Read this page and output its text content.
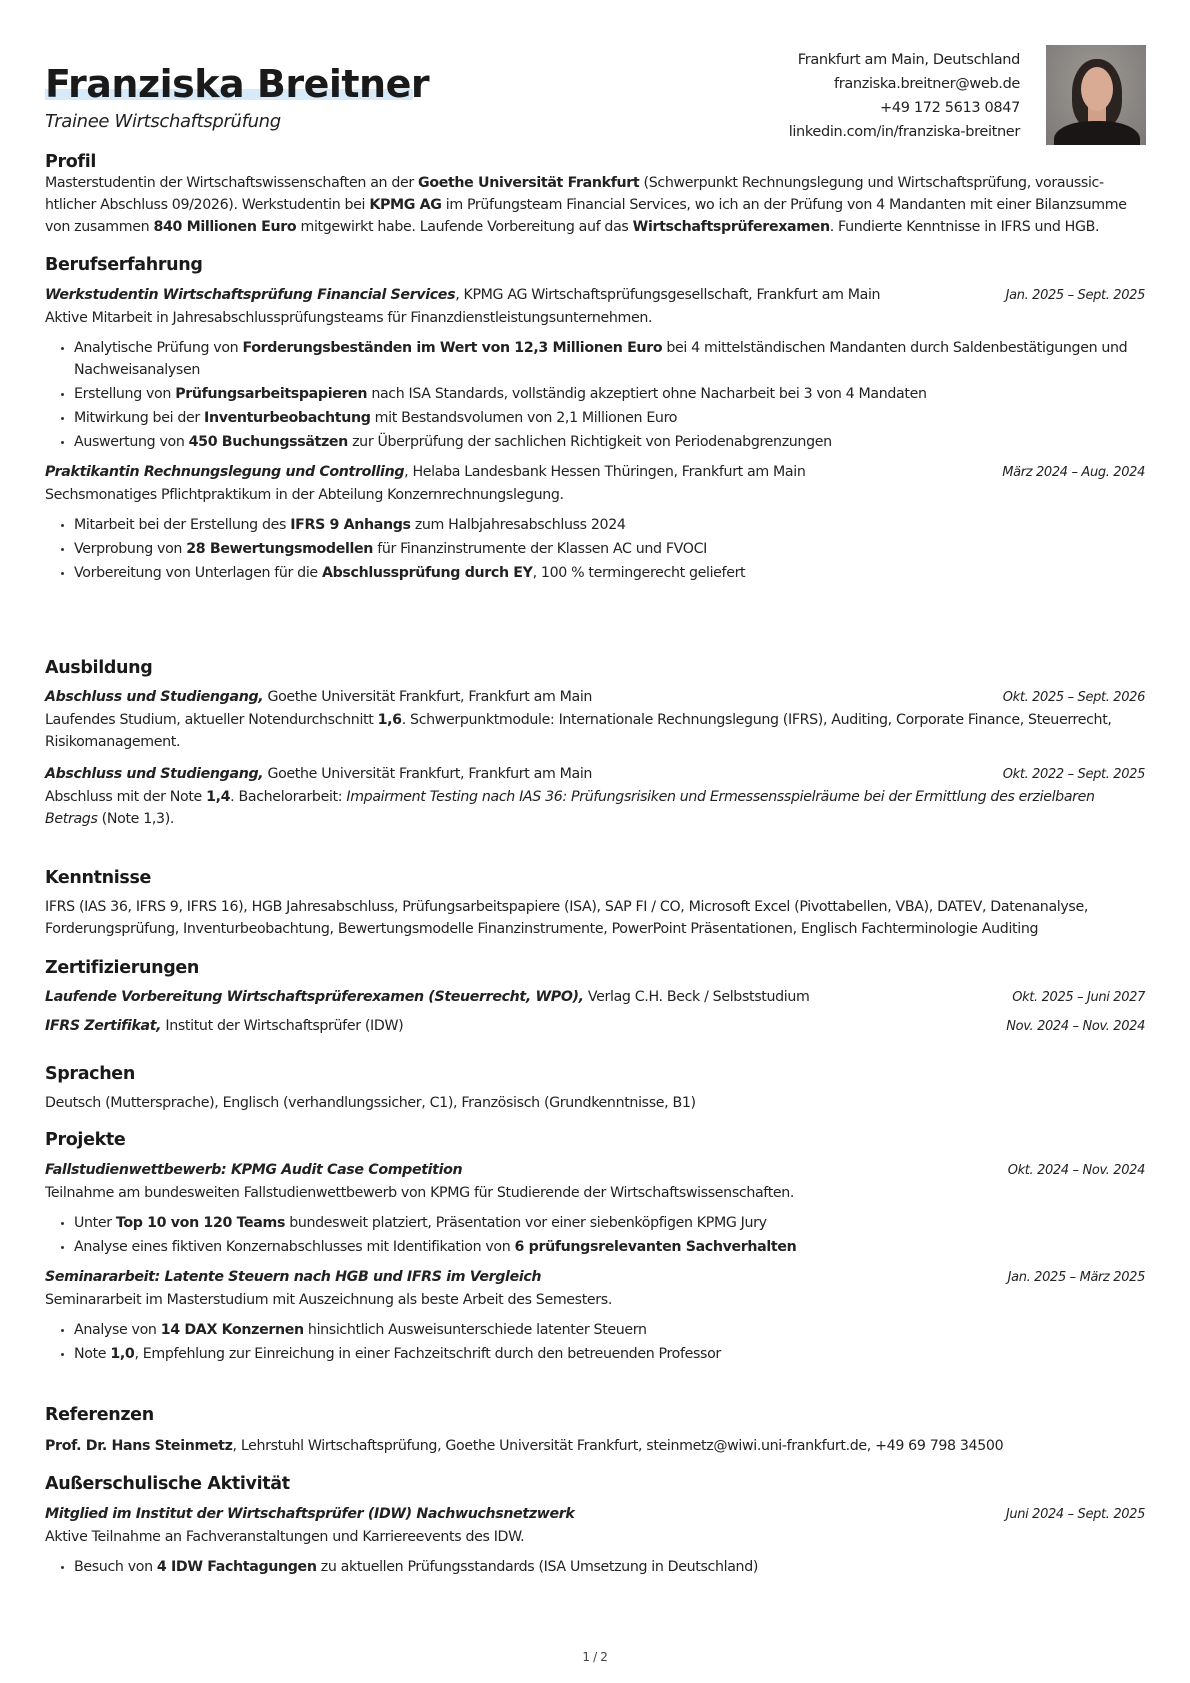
Franziska Breitner
Trainee Wirtschaftsprüfung
Frankfurt am Main, Deutschland
franziska.breitner@web.de
+49 172 5613 0847
linkedin.com/in/franziska-breitner
Profil
Masterstudentin der Wirtschaftswissenschaften an der Goethe Universität Frankfurt (Schwerpunkt Rechnungslegung und Wirtschaftsprüfung, voraussichtlicher Abschluss 09/2026). Werkstudentin bei KPMG AG im Prüfungsteam Financial Services, wo ich an der Prüfung von 4 Mandanten mit einer Bilanzsumme von zusammen 840 Millionen Euro mitgewirkt habe. Laufende Vorbereitung auf das Wirtschaftsprüferexamen. Fundierte Kenntnisse in IFRS und HGB.
Berufserfahrung
Werkstudentin Wirtschaftsprüfung Financial Services, KPMG AG Wirtschaftsprüfungsgesellschaft, Frankfurt am Main	Jan. 2025 – Sept. 2025
Aktive Mitarbeit in Jahresabschlussprüfungsteams für Finanzdienstleistungsunternehmen.
Analytische Prüfung von Forderungsbeständen im Wert von 12,3 Millionen Euro bei 4 mittelständischen Mandanten durch Saldenbestätigungen und Nachweisanalysen
Erstellung von Prüfungsarbeitspapieren nach ISA Standards, vollständig akzeptiert ohne Nacharbeit bei 3 von 4 Mandaten
Mitwirkung bei der Inventurbeobachtung mit Bestandsvolumen von 2,1 Millionen Euro
Auswertung von 450 Buchungssätzen zur Überprüfung der sachlichen Richtigkeit von Periodenabgrenzungen
Praktikantin Rechnungslegung und Controlling, Helaba Landesbank Hessen Thüringen, Frankfurt am Main	März 2024 – Aug. 2024
Sechsmonatiges Pflichtpraktikum in der Abteilung Konzernrechnungslegung.
Mitarbeit bei der Erstellung des IFRS 9 Anhangs zum Halbjahresabschluss 2024
Verprobung von 28 Bewertungsmodellen für Finanzinstrumente der Klassen AC und FVOCI
Vorbereitung von Unterlagen für die Abschlussprüfung durch EY, 100 % termingerecht geliefert
Ausbildung
Abschluss und Studiengang, Goethe Universität Frankfurt, Frankfurt am Main	Okt. 2025 – Sept. 2026
Laufendes Studium, aktueller Notendurchschnitt 1,6. Schwerpunktmodule: Internationale Rechnungslegung (IFRS), Auditing, Corporate Finance, Steuerrecht, Risikomanagement.
Abschluss und Studiengang, Goethe Universität Frankfurt, Frankfurt am Main	Okt. 2022 – Sept. 2025
Abschluss mit der Note 1,4. Bachelorarbeit: Impairment Testing nach IAS 36: Prüfungsrisiken und Ermessensspielräume bei der Ermittlung des erzielbaren Betrags (Note 1,3).
Kenntnisse
IFRS (IAS 36, IFRS 9, IFRS 16), HGB Jahresabschluss, Prüfungsarbeitspapiere (ISA), SAP FI / CO, Microsoft Excel (Pivottabellen, VBA), DATEV, Datenanalyse, Forderungsprüfung, Inventurbeobachtung, Bewertungsmodelle Finanzinstrumente, PowerPoint Präsentationen, Englisch Fachterminologie Auditing
Zertifizierungen
Laufende Vorbereitung Wirtschaftsprüferexamen (Steuerrecht, WPO), Verlag C.H. Beck / Selbststudium	Okt. 2025 – Juni 2027
IFRS Zertifikat, Institut der Wirtschaftsprüfer (IDW)	Nov. 2024 – Nov. 2024
Sprachen
Deutsch (Muttersprache), Englisch (verhandlungssicher, C1), Französisch (Grundkenntnisse, B1)
Projekte
Fallstudienwettbewerb: KPMG Audit Case Competition	Okt. 2024 – Nov. 2024
Teilnahme am bundesweiten Fallstudienwettbewerb von KPMG für Studierende der Wirtschaftswissenschaften.
Unter Top 10 von 120 Teams bundesweit platziert, Präsentation vor einer siebenköpfigen KPMG Jury
Analyse eines fiktiven Konzernabschlusses mit Identifikation von 6 prüfungsrelevanten Sachverhalten
Seminararbeit: Latente Steuern nach HGB und IFRS im Vergleich	Jan. 2025 – März 2025
Seminararbeit im Masterstudium mit Auszeichnung als beste Arbeit des Semesters.
Analyse von 14 DAX Konzernen hinsichtlich Ausweisunterschiede latenter Steuern
Note 1,0, Empfehlung zur Einreichung in einer Fachzeitschrift durch den betreuenden Professor
Referenzen
Prof. Dr. Hans Steinmetz, Lehrstuhl Wirtschaftsprüfung, Goethe Universität Frankfurt, steinmetz@wiwi.uni-frankfurt.de, +49 69 798 34500
Außerschulische Aktivität
Mitglied im Institut der Wirtschaftsprüfer (IDW) Nachwuchsnetzwerk	Juni 2024 – Sept. 2025
Aktive Teilnahme an Fachveranstaltungen und Karriereevents des IDW.
Besuch von 4 IDW Fachtagungen zu aktuellen Prüfungsstandards (ISA Umsetzung in Deutschland)
1 / 2
